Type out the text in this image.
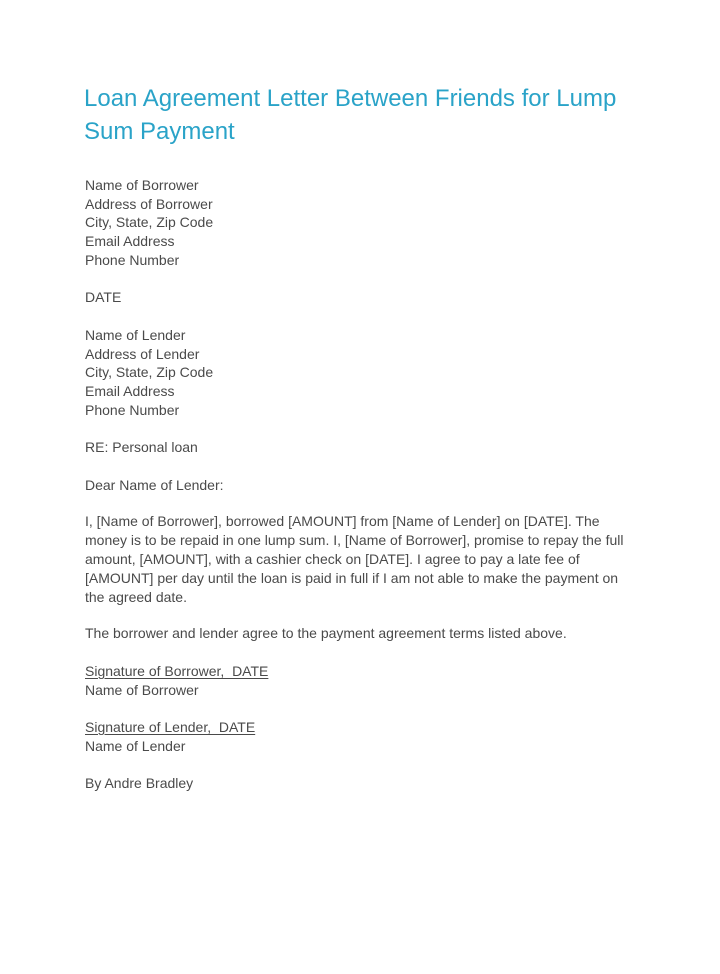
Loan Agreement Letter Between Friends for Lump Sum Payment
Name of Borrower
Address of Borrower
City, State, Zip Code
Email Address
Phone Number
DATE
Name of Lender
Address of Lender
City, State, Zip Code
Email Address
Phone Number
RE: Personal loan
Dear Name of Lender:
I, [Name of Borrower], borrowed [AMOUNT] from [Name of Lender] on [DATE]. The money is to be repaid in one lump sum. I, [Name of Borrower], promise to repay the full amount, [AMOUNT], with a cashier check on [DATE]. I agree to pay a late fee of [AMOUNT] per day until the loan is paid in full if I am not able to make the payment on the agreed date.
The borrower and lender agree to the payment agreement terms listed above.
Signature of Borrower,  DATE
Name of Borrower
Signature of Lender,  DATE
Name of Lender
By Andre Bradley
